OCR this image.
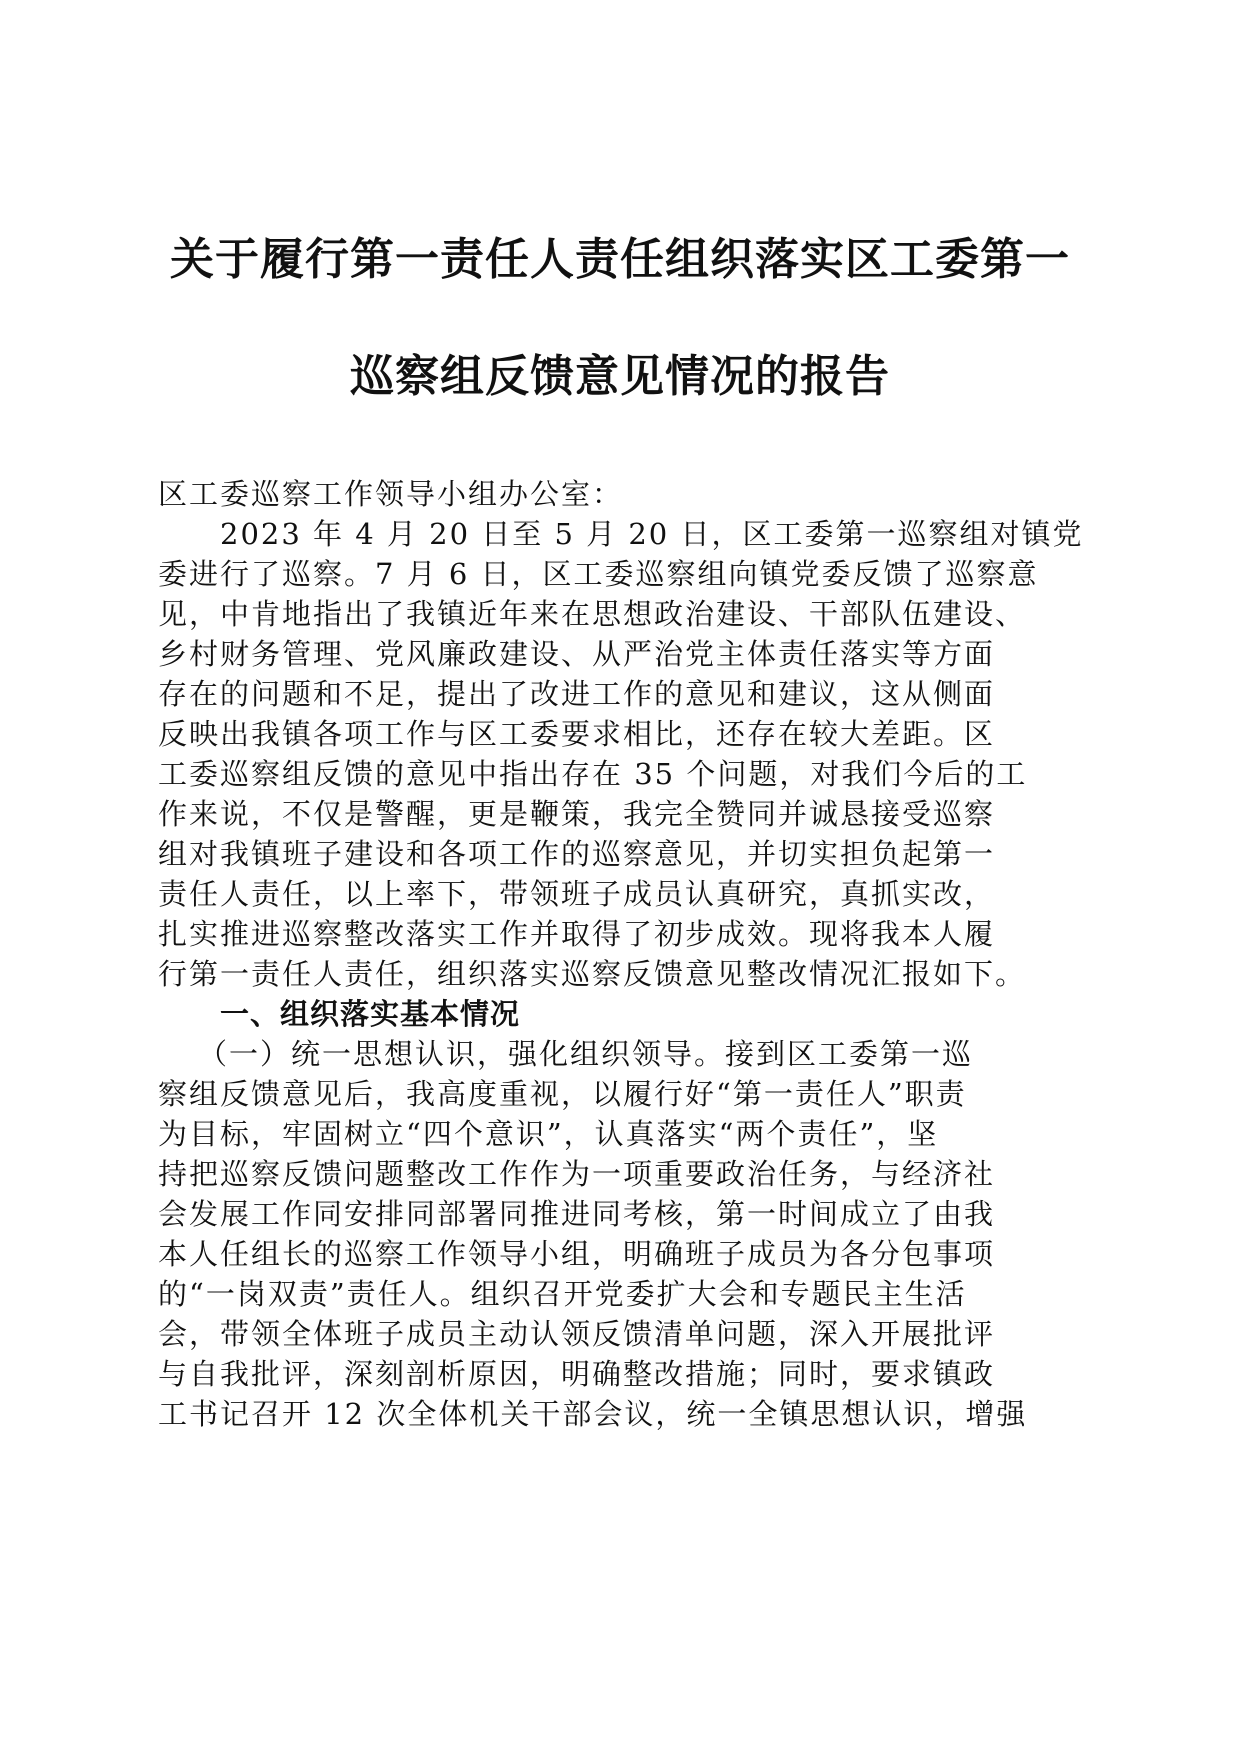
关于履行第一责任人责任组织落实区工委第一
巡察组反馈意见情况的报告
区工委巡察工作领导小组办公室：
2023 年 4 月 20 日至 5 月 20 日，区工委第一巡察组对镇党
委进行了巡察。7 月 6 日，区工委巡察组向镇党委反馈了巡察意
见，中肯地指出了我镇近年来在思想政治建设、干部队伍建设、
乡村财务管理、党风廉政建设、从严治党主体责任落实等方面
存在的问题和不足，提出了改进工作的意见和建议，这从侧面
反映出我镇各项工作与区工委要求相比，还存在较大差距。区
工委巡察组反馈的意见中指出存在 35 个问题，对我们今后的工
作来说，不仅是警醒，更是鞭策，我完全赞同并诚恳接受巡察
组对我镇班子建设和各项工作的巡察意见，并切实担负起第一
责任人责任，以上率下，带领班子成员认真研究，真抓实改，
扎实推进巡察整改落实工作并取得了初步成效。现将我本人履
行第一责任人责任，组织落实巡察反馈意见整改情况汇报如下。
一、组织落实基本情况
（一）统一思想认识，强化组织领导。接到区工委第一巡
察组反馈意见后，我高度重视，以履行好“第一责任人”职责
为目标，牢固树立“四个意识”，认真落实“两个责任”，坚
持把巡察反馈问题整改工作作为一项重要政治任务，与经济社
会发展工作同安排同部署同推进同考核，第一时间成立了由我
本人任组长的巡察工作领导小组，明确班子成员为各分包事项
的“一岗双责”责任人。组织召开党委扩大会和专题民主生活
会，带领全体班子成员主动认领反馈清单问题，深入开展批评
与自我批评，深刻剖析原因，明确整改措施；同时，要求镇政
工书记召开 12 次全体机关干部会议，统一全镇思想认识，增强
